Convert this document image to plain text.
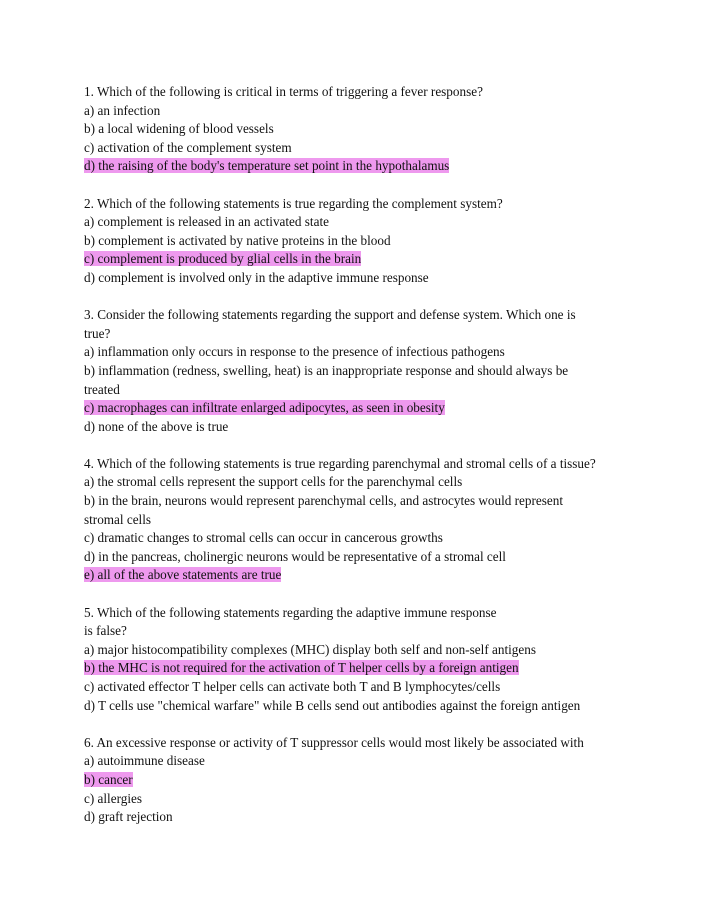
1. Which of the following is critical in terms of triggering a fever response?
a) an infection
b) a local widening of blood vessels
c) activation of the complement system
d) the raising of the body's temperature set point in the hypothalamus
2. Which of the following statements is true regarding the complement system?
a) complement is released in an activated state
b) complement is activated by native proteins in the blood
c) complement is produced by glial cells in the brain
d) complement is involved only in the adaptive immune response
3. Consider the following statements regarding the support and defense system. Which one is
true?
a) inflammation only occurs in response to the presence of infectious pathogens
b) inflammation (redness, swelling, heat) is an inappropriate response and should always be
treated
c) macrophages can infiltrate enlarged adipocytes, as seen in obesity
d) none of the above is true
4. Which of the following statements is true regarding parenchymal and stromal cells of a tissue?
a) the stromal cells represent the support cells for the parenchymal cells
b) in the brain, neurons would represent parenchymal cells, and astrocytes would represent
stromal cells
c) dramatic changes to stromal cells can occur in cancerous growths
d) in the pancreas, cholinergic neurons would be representative of a stromal cell
e) all of the above statements are true
5. Which of the following statements regarding the adaptive immune response
is false?
a) major histocompatibility complexes (MHC) display both self and non-self antigens
b) the MHC is not required for the activation of T helper cells by a foreign antigen
c) activated effector T helper cells can activate both T and B lymphocytes/cells
d) T cells use "chemical warfare" while B cells send out antibodies against the foreign antigen
6. An excessive response or activity of T suppressor cells would most likely be associated with
a) autoimmune disease
b) cancer
c) allergies
d) graft rejection
